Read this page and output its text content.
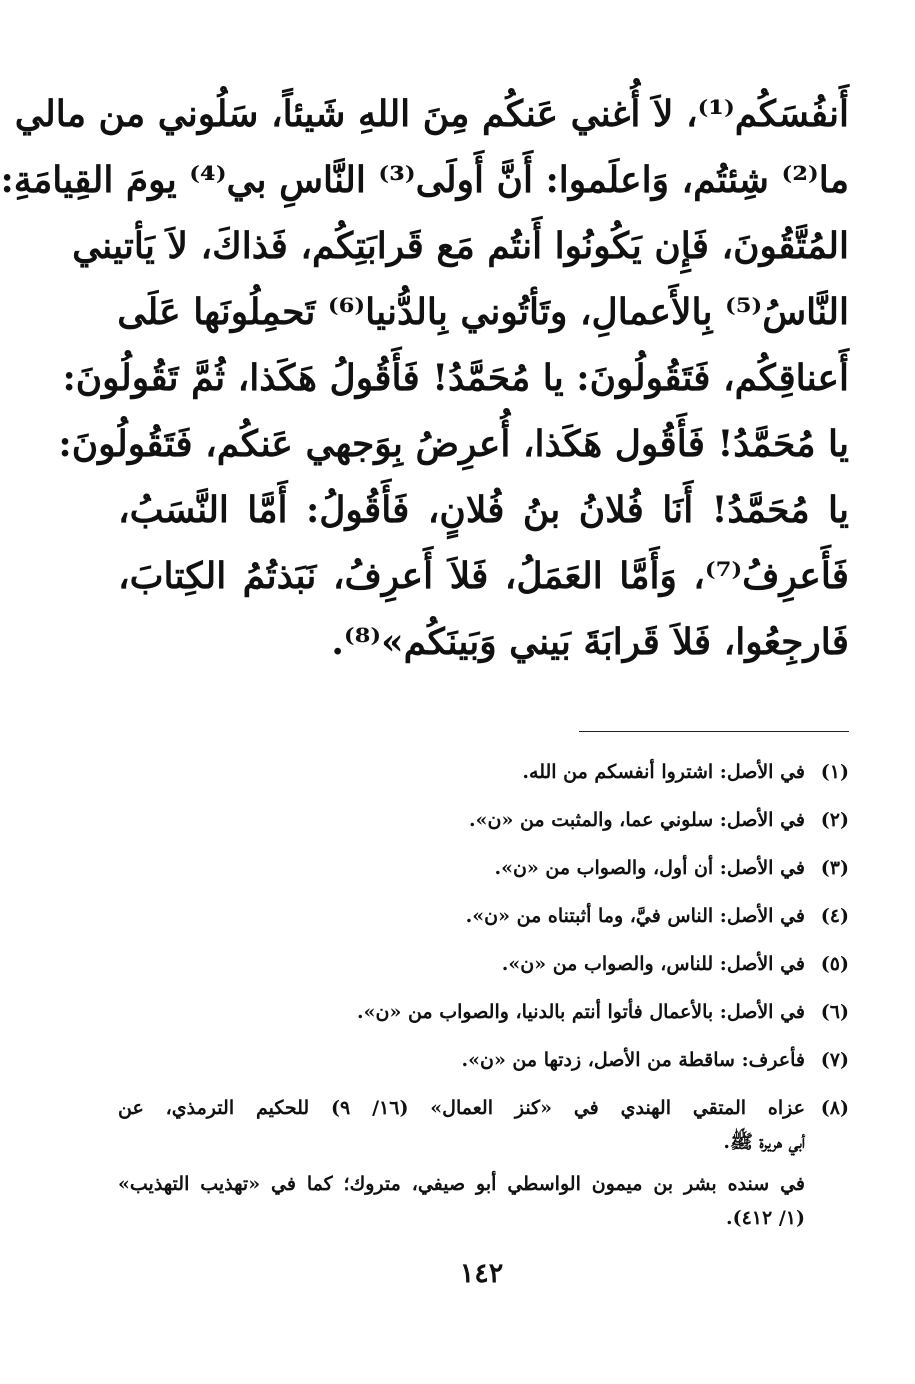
أَنفُسَكُم⁽¹⁾، لاَ أُغني عَنكُم مِنَ اللهِ شَيئاً، سَلُوني من مالي
ما⁽²⁾ شِئتُم، وَاعلَموا: أَنَّ أَولَى⁽³⁾ النَّاسِ بي⁽⁴⁾ يومَ القِيامَةِ:
المُتَّقُونَ، فَإِن يَكُونُوا أَنتُم مَع قَرابَتِكُم، فَذاكَ، لاَ يَأتيني
النَّاسُ⁽⁵⁾ بِالأَعمالِ، وتَأتُوني بِالدُّنيا⁽⁶⁾ تَحمِلُونَها عَلَى
أَعناقِكُم، فَتَقُولُونَ: يا مُحَمَّدُ! فَأَقُولُ هَكَذا، ثُمَّ تَقُولُونَ:
يا مُحَمَّدُ! فَأَقُول هَكَذا، أُعرِضُ بِوَجهي عَنكُم، فَتَقُولُونَ:
يا مُحَمَّدُ! أَنَا فُلانُ بنُ فُلانٍ، فَأَقُولُ: أَمَّا النَّسَبُ،
فَأَعرِفُ⁽⁷⁾، وَأَمَّا العَمَلُ، فَلاَ أَعرِفُ، نَبَذتُمُ الكِتابَ،
فَارجِعُوا، فَلاَ قَرابَةَ بَيني وَبَينَكُم»⁽⁸⁾.
(١)
في الأصل: اشتروا أنفسكم من الله.
(٢)
في الأصل: سلوني عما، والمثبت من «ن».
(٣)
في الأصل: أن أول، والصواب من «ن».
(٤)
في الأصل: الناس فيَّ، وما أثبتناه من «ن».
(٥)
في الأصل: للناس، والصواب من «ن».
(٦)
في الأصل: بالأعمال فأتوا أنتم بالدنيا، والصواب من «ن».
(٧)
فأعرف: ساقطة من الأصل، زدتها من «ن».
(٨)

عزاه المتقي الهندي في «كنز العمال» (١٦/ ٩) للحكيم الترمذي، عن

أبي هريرة ﷺ.

في سنده بشر بن ميمون الواسطي أبو صيفي، متروك؛ كما في «تهذيب التهذيب»

(١/ ٤١٢).

١٤٢
